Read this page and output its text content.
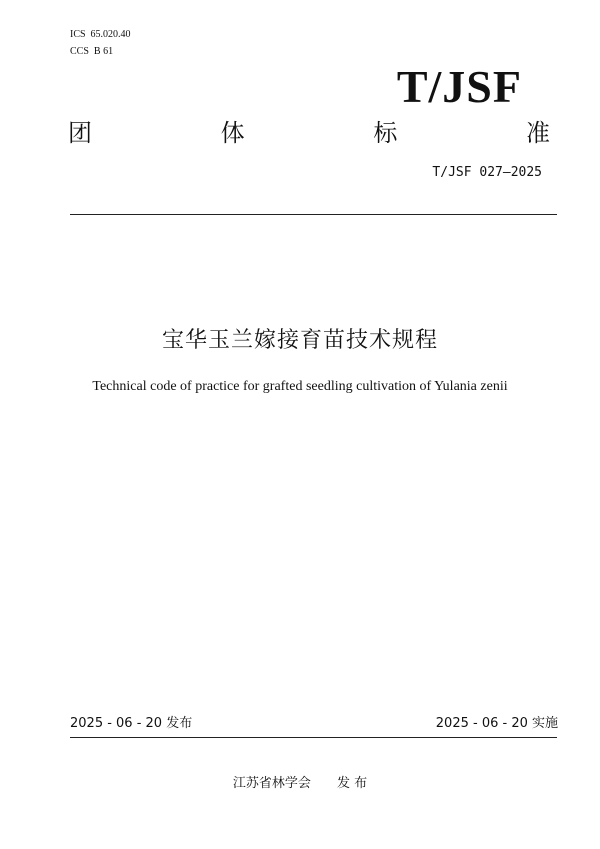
ICS  65.020.40
CCS  B 61
T/JSF
团	体	标	准
T/JSF 027—2025
宝华玉兰嫁接育苗技术规程
Technical code of practice for grafted seedling cultivation of Yulania zenii
2025 - 06 - 20 发布	2025 - 06 - 20 实施
江苏省林学会 发 布
